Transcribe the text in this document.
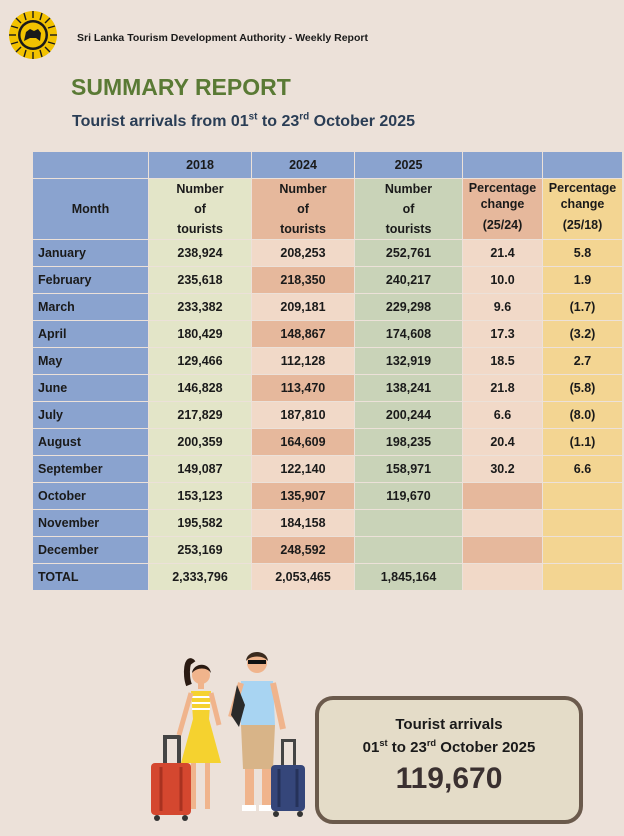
Sri Lanka Tourism Development Authority - Weekly Report
SUMMARY REPORT
Tourist arrivals from 01st to 23rd October 2025
	2018	2024	2025		
Month	Number
of
tourists	Number
of
tourists	Number
of
tourists	Percentage
change
(25/24)	Percentage
change
(25/18)
January	238,924	208,253	252,761	21.4	5.8
February	235,618	218,350	240,217	10.0	1.9
March	233,382	209,181	229,298	9.6	(1.7)
April	180,429	148,867	174,608	17.3	(3.2)
May	129,466	112,128	132,919	18.5	2.7
June	146,828	113,470	138,241	21.8	(5.8)
July	217,829	187,810	200,244	6.6	(8.0)
August	200,359	164,609	198,235	20.4	(1.1)
September	149,087	122,140	158,971	30.2	6.6
October	153,123	135,907	119,670		
November	195,582	184,158			
December	253,169	248,592			
TOTAL	2,333,796	2,053,465	1,845,164		
Tourist arrivals
01st to 23rd October 2025
119,670
